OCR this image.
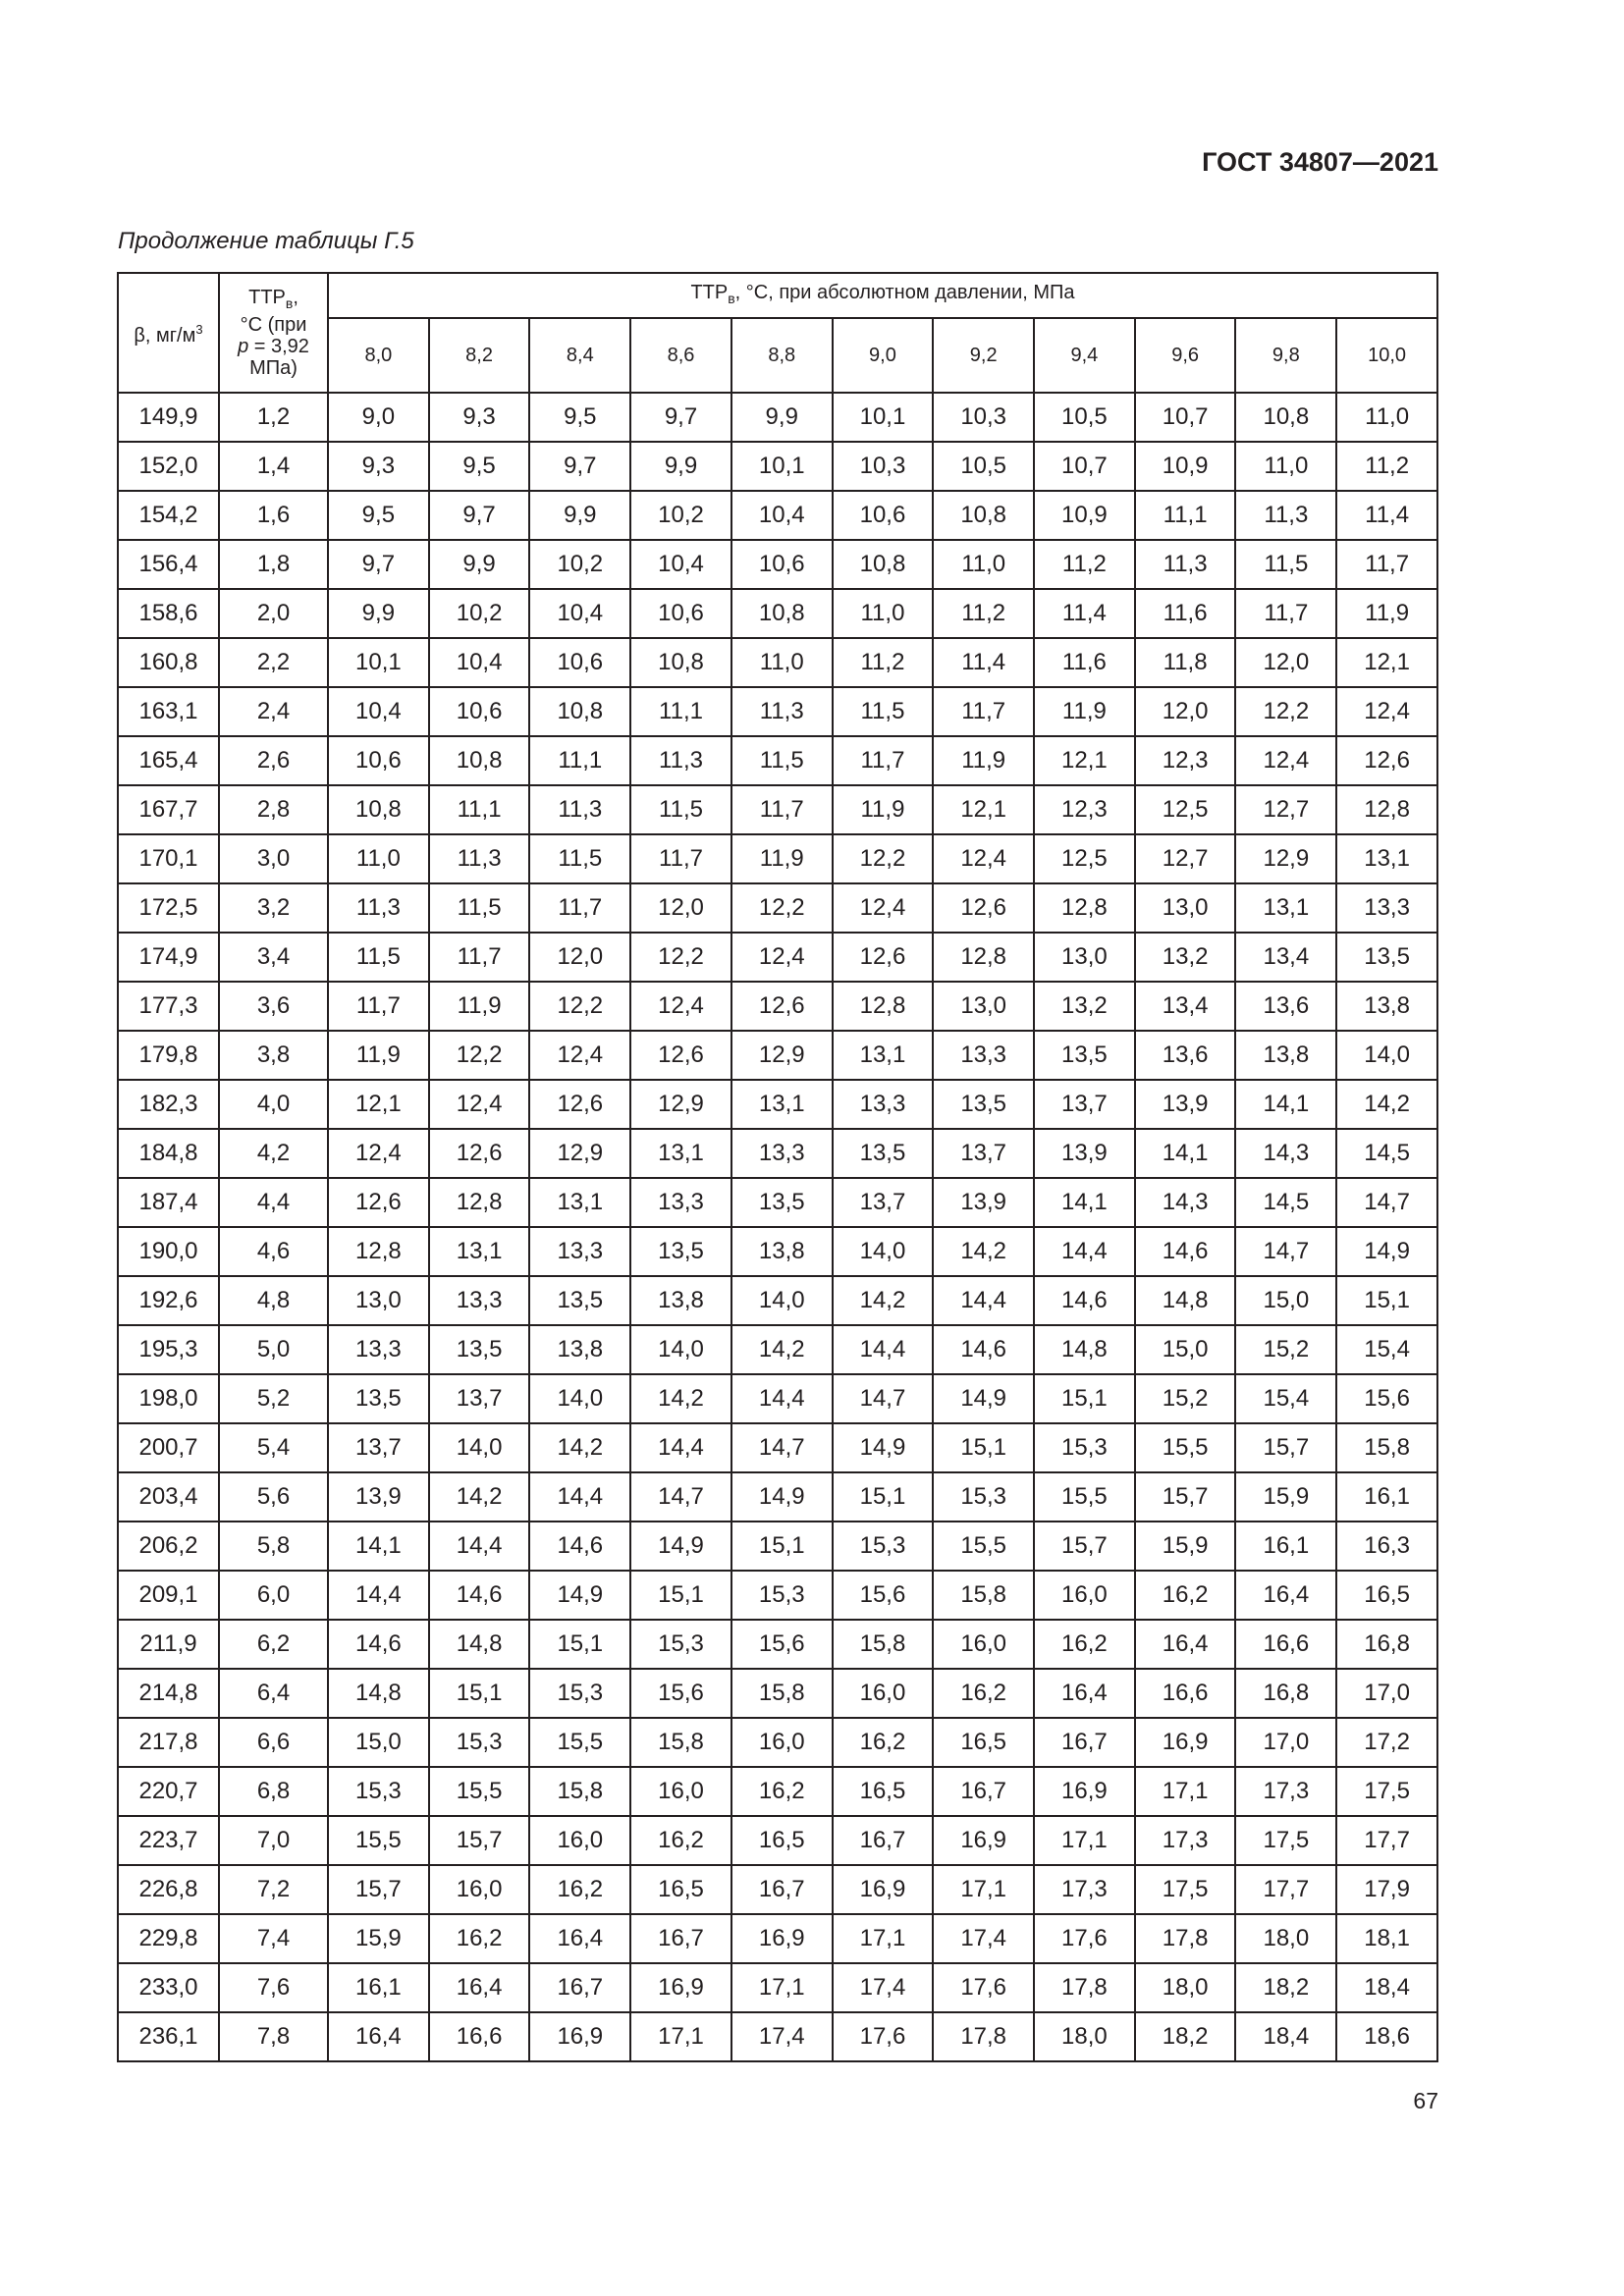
ГОСТ 34807—2021
Продолжение таблицы Г.5
β, $мг/м^3$	$ТТР_в$,
°С (при
p = 3,92
МПа)	$ТТР_в$, °С, при абсолютном давлении, МПа										
		8,0	8,2	8,4	8,6	8,8	9,0	9,2	9,4	9,6	9,8	10,0
149,9	1,2	9,0	9,3	9,5	9,7	9,9	10,1	10,3	10,5	10,7	10,8	11,0
152,0	1,4	9,3	9,5	9,7	9,9	10,1	10,3	10,5	10,7	10,9	11,0	11,2
154,2	1,6	9,5	9,7	9,9	10,2	10,4	10,6	10,8	10,9	11,1	11,3	11,4
156,4	1,8	9,7	9,9	10,2	10,4	10,6	10,8	11,0	11,2	11,3	11,5	11,7
158,6	2,0	9,9	10,2	10,4	10,6	10,8	11,0	11,2	11,4	11,6	11,7	11,9
160,8	2,2	10,1	10,4	10,6	10,8	11,0	11,2	11,4	11,6	11,8	12,0	12,1
163,1	2,4	10,4	10,6	10,8	11,1	11,3	11,5	11,7	11,9	12,0	12,2	12,4
165,4	2,6	10,6	10,8	11,1	11,3	11,5	11,7	11,9	12,1	12,3	12,4	12,6
167,7	2,8	10,8	11,1	11,3	11,5	11,7	11,9	12,1	12,3	12,5	12,7	12,8
170,1	3,0	11,0	11,3	11,5	11,7	11,9	12,2	12,4	12,5	12,7	12,9	13,1
172,5	3,2	11,3	11,5	11,7	12,0	12,2	12,4	12,6	12,8	13,0	13,1	13,3
174,9	3,4	11,5	11,7	12,0	12,2	12,4	12,6	12,8	13,0	13,2	13,4	13,5
177,3	3,6	11,7	11,9	12,2	12,4	12,6	12,8	13,0	13,2	13,4	13,6	13,8
179,8	3,8	11,9	12,2	12,4	12,6	12,9	13,1	13,3	13,5	13,6	13,8	14,0
182,3	4,0	12,1	12,4	12,6	12,9	13,1	13,3	13,5	13,7	13,9	14,1	14,2
184,8	4,2	12,4	12,6	12,9	13,1	13,3	13,5	13,7	13,9	14,1	14,3	14,5
187,4	4,4	12,6	12,8	13,1	13,3	13,5	13,7	13,9	14,1	14,3	14,5	14,7
190,0	4,6	12,8	13,1	13,3	13,5	13,8	14,0	14,2	14,4	14,6	14,7	14,9
192,6	4,8	13,0	13,3	13,5	13,8	14,0	14,2	14,4	14,6	14,8	15,0	15,1
195,3	5,0	13,3	13,5	13,8	14,0	14,2	14,4	14,6	14,8	15,0	15,2	15,4
198,0	5,2	13,5	13,7	14,0	14,2	14,4	14,7	14,9	15,1	15,2	15,4	15,6
200,7	5,4	13,7	14,0	14,2	14,4	14,7	14,9	15,1	15,3	15,5	15,7	15,8
203,4	5,6	13,9	14,2	14,4	14,7	14,9	15,1	15,3	15,5	15,7	15,9	16,1
206,2	5,8	14,1	14,4	14,6	14,9	15,1	15,3	15,5	15,7	15,9	16,1	16,3
209,1	6,0	14,4	14,6	14,9	15,1	15,3	15,6	15,8	16,0	16,2	16,4	16,5
211,9	6,2	14,6	14,8	15,1	15,3	15,6	15,8	16,0	16,2	16,4	16,6	16,8
214,8	6,4	14,8	15,1	15,3	15,6	15,8	16,0	16,2	16,4	16,6	16,8	17,0
217,8	6,6	15,0	15,3	15,5	15,8	16,0	16,2	16,5	16,7	16,9	17,0	17,2
220,7	6,8	15,3	15,5	15,8	16,0	16,2	16,5	16,7	16,9	17,1	17,3	17,5
223,7	7,0	15,5	15,7	16,0	16,2	16,5	16,7	16,9	17,1	17,3	17,5	17,7
226,8	7,2	15,7	16,0	16,2	16,5	16,7	16,9	17,1	17,3	17,5	17,7	17,9
229,8	7,4	15,9	16,2	16,4	16,7	16,9	17,1	17,4	17,6	17,8	18,0	18,1
233,0	7,6	16,1	16,4	16,7	16,9	17,1	17,4	17,6	17,8	18,0	18,2	18,4
236,1	7,8	16,4	16,6	16,9	17,1	17,4	17,6	17,8	18,0	18,2	18,4	18,6
67
